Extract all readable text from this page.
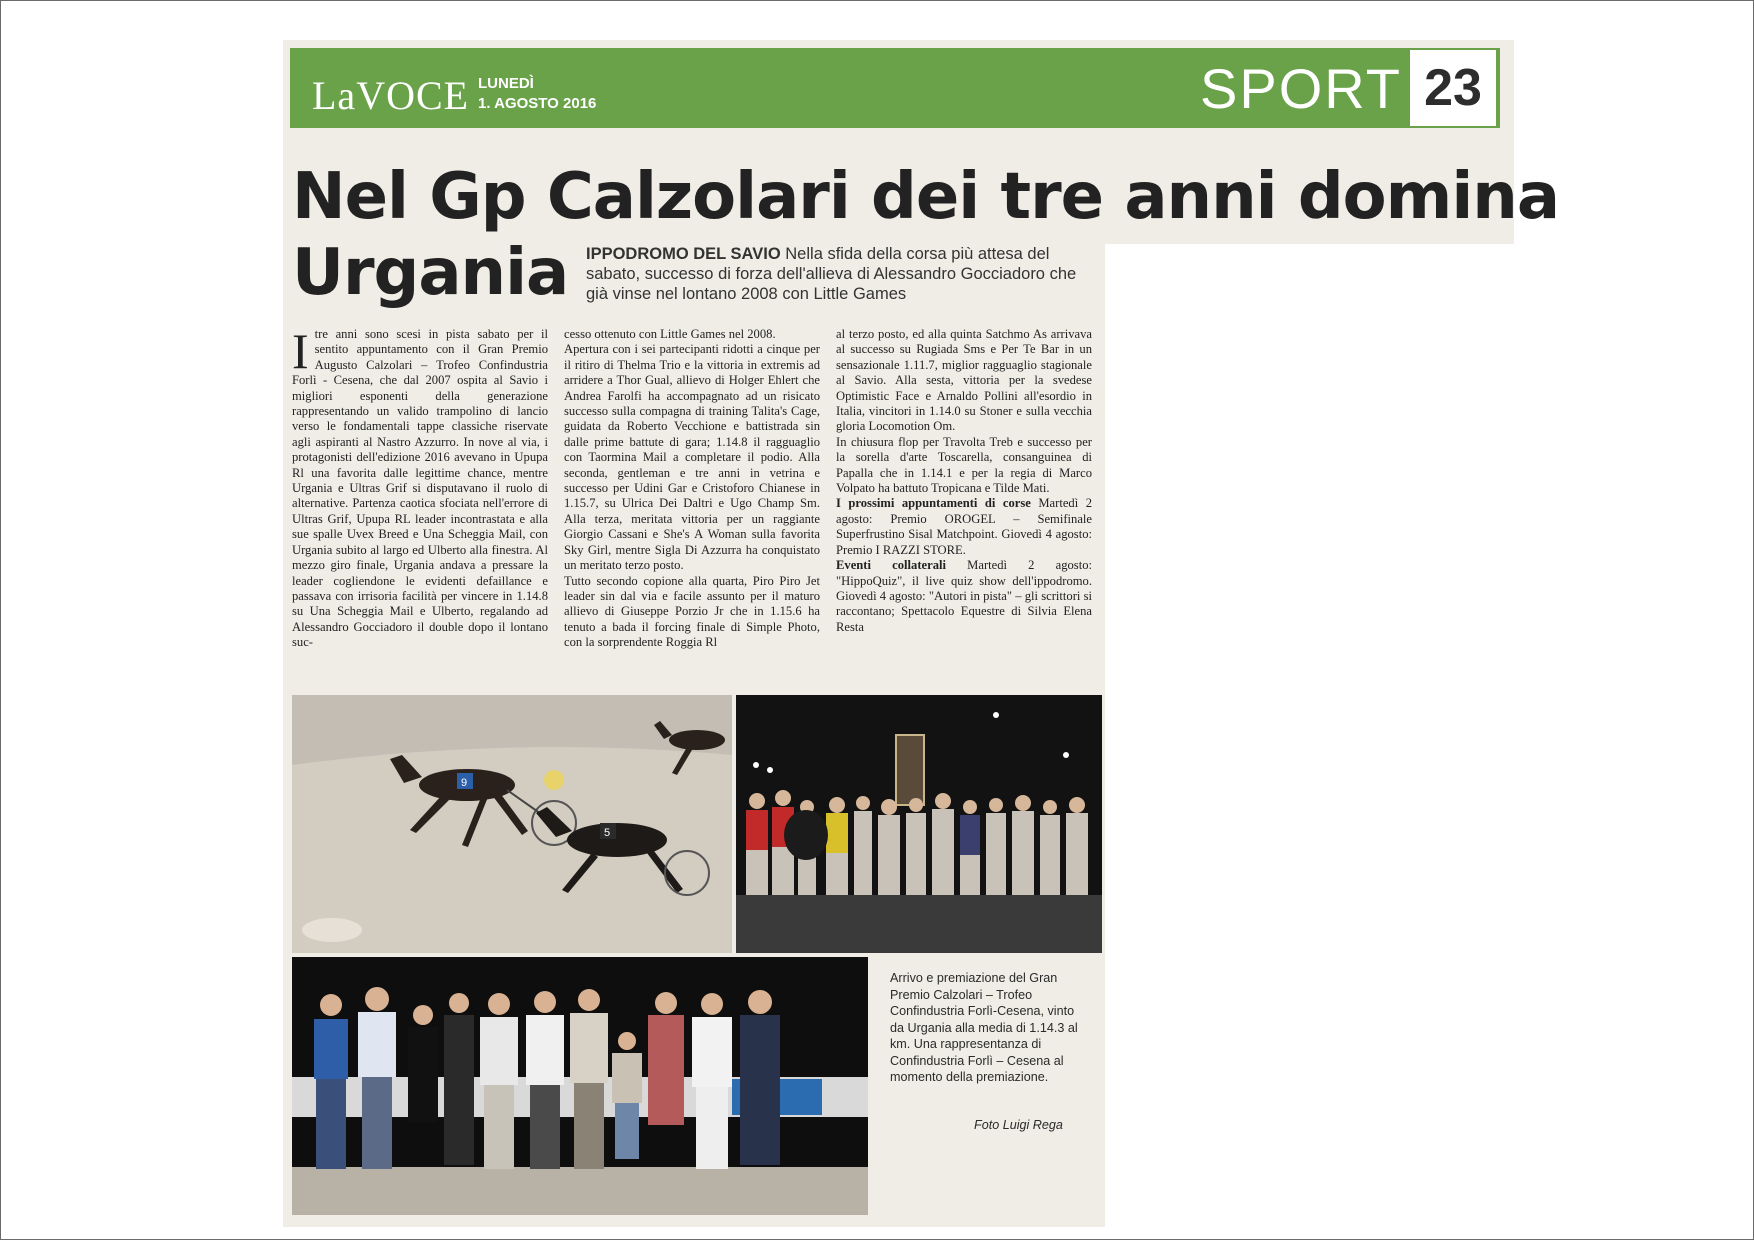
LaVOCE LUNEDÌ
1. AGOSTO 2016	SPORT 23
Nel Gp Calzolari dei tre anni domina
Urgania IPPODROMO DEL SAVIO Nella sfida della corsa più attesa del sabato, successo di forza dell'allieva di Alessandro Gocciadoro che già vinse nel lontano 2008 con Little Games
I tre anni sono scesi in pista sabato per il sentito appuntamento con il Gran Premio Augusto Calzolari – Trofeo Confindustria Forlì - Cesena, che dal 2007 ospita al Savio i migliori esponenti della generazione rappresentando un valido trampolino di lancio verso le fondamentali tappe classiche riservate agli aspiranti al Nastro Azzurro. In nove al via, i protagonisti dell'edizione 2016 avevano in Upupa Rl una favorita dalle legittime chance, mentre Urgania e Ultras Grif si disputavano il ruolo di alternative. Partenza caotica sfociata nell'errore di Ultras Grif, Upupa RL leader incontrastata e alla sue spalle Uvex Breed e Una Scheggia Mail, con Urgania subito al largo ed Ulberto alla finestra. Al mezzo giro finale, Urgania andava a pressare la leader cogliendone le evidenti defaillance e passava con irrisoria facilità per vincere in 1.14.8 su Una Scheggia Mail e Ulberto, regalando ad Alessandro Gocciadoro il double dopo il lontano suc-

cesso ottenuto con Little Games nel 2008.

Apertura con i sei partecipanti ridotti a cinque per il ritiro di Thelma Trio e la vittoria in extremis ad arridere a Thor Gual, allievo di Holger Ehlert che Andrea Farolfi ha accompagnato ad un risicato successo sulla compagna di training Talita's Cage, guidata da Roberto Vecchione e battistrada sin dalle prime battute di gara; 1.14.8 il ragguaglio con Taormina Mail a completare il podio. Alla seconda, gentleman e tre anni in vetrina e successo per Udini Gar e Cristoforo Chianese in 1.15.7, su Ulrica Dei Daltri e Ugo Champ Sm. Alla terza, meritata vittoria per un raggiante Giorgio Cassani e She's A Woman sulla favorita Sky Girl, mentre Sigla Di Azzurra ha conquistato un meritato terzo posto.

Tutto secondo copione alla quarta, Piro Piro Jet leader sin dal via e facile assunto per il maturo allievo di Giuseppe Porzio Jr che in 1.15.6 ha tenuto a bada il forcing finale di Simple Photo, con la sorprendente Roggia Rl

al terzo posto, ed alla quinta Satchmo As arrivava al successo su Rugiada Sms e Per Te Bar in un sensazionale 1.11.7, miglior ragguaglio stagionale al Savio. Alla sesta, vittoria per la svedese Optimistic Face e Arnaldo Pollini all'esordio in Italia, vincitori in 1.14.0 su Stoner e sulla vecchia gloria Locomotion Om.

In chiusura flop per Travolta Treb e successo per la sorella d'arte Toscarella, consanguinea di Papalla che in 1.14.1 e per la regia di Marco Volpato ha battuto Tropicana e Tilde Mati.

I prossimi appuntamenti di corse Martedì 2 agosto: Premio OROGEL – Semifinale Superfrustino Sisal Matchpoint. Giovedì 4 agosto: Premio I RAZZI STORE.

Eventi collaterali Martedì 2 agosto: "HippoQuiz", il live quiz show dell'ippodromo. Giovedì 4 agosto: "Autori in pista" – gli scrittori si raccontano; Spettacolo Equestre di Silvia Elena Resta

9
5
Arrivo e premiazione del Gran Premio Calzolari – Trofeo Confindustria Forlì-Cesena, vinto da Urgania alla media di 1.14.3 al km. Una rappresentanza di Confindustria Forlì – Cesena al momento della premiazione.
Foto Luigi Rega
